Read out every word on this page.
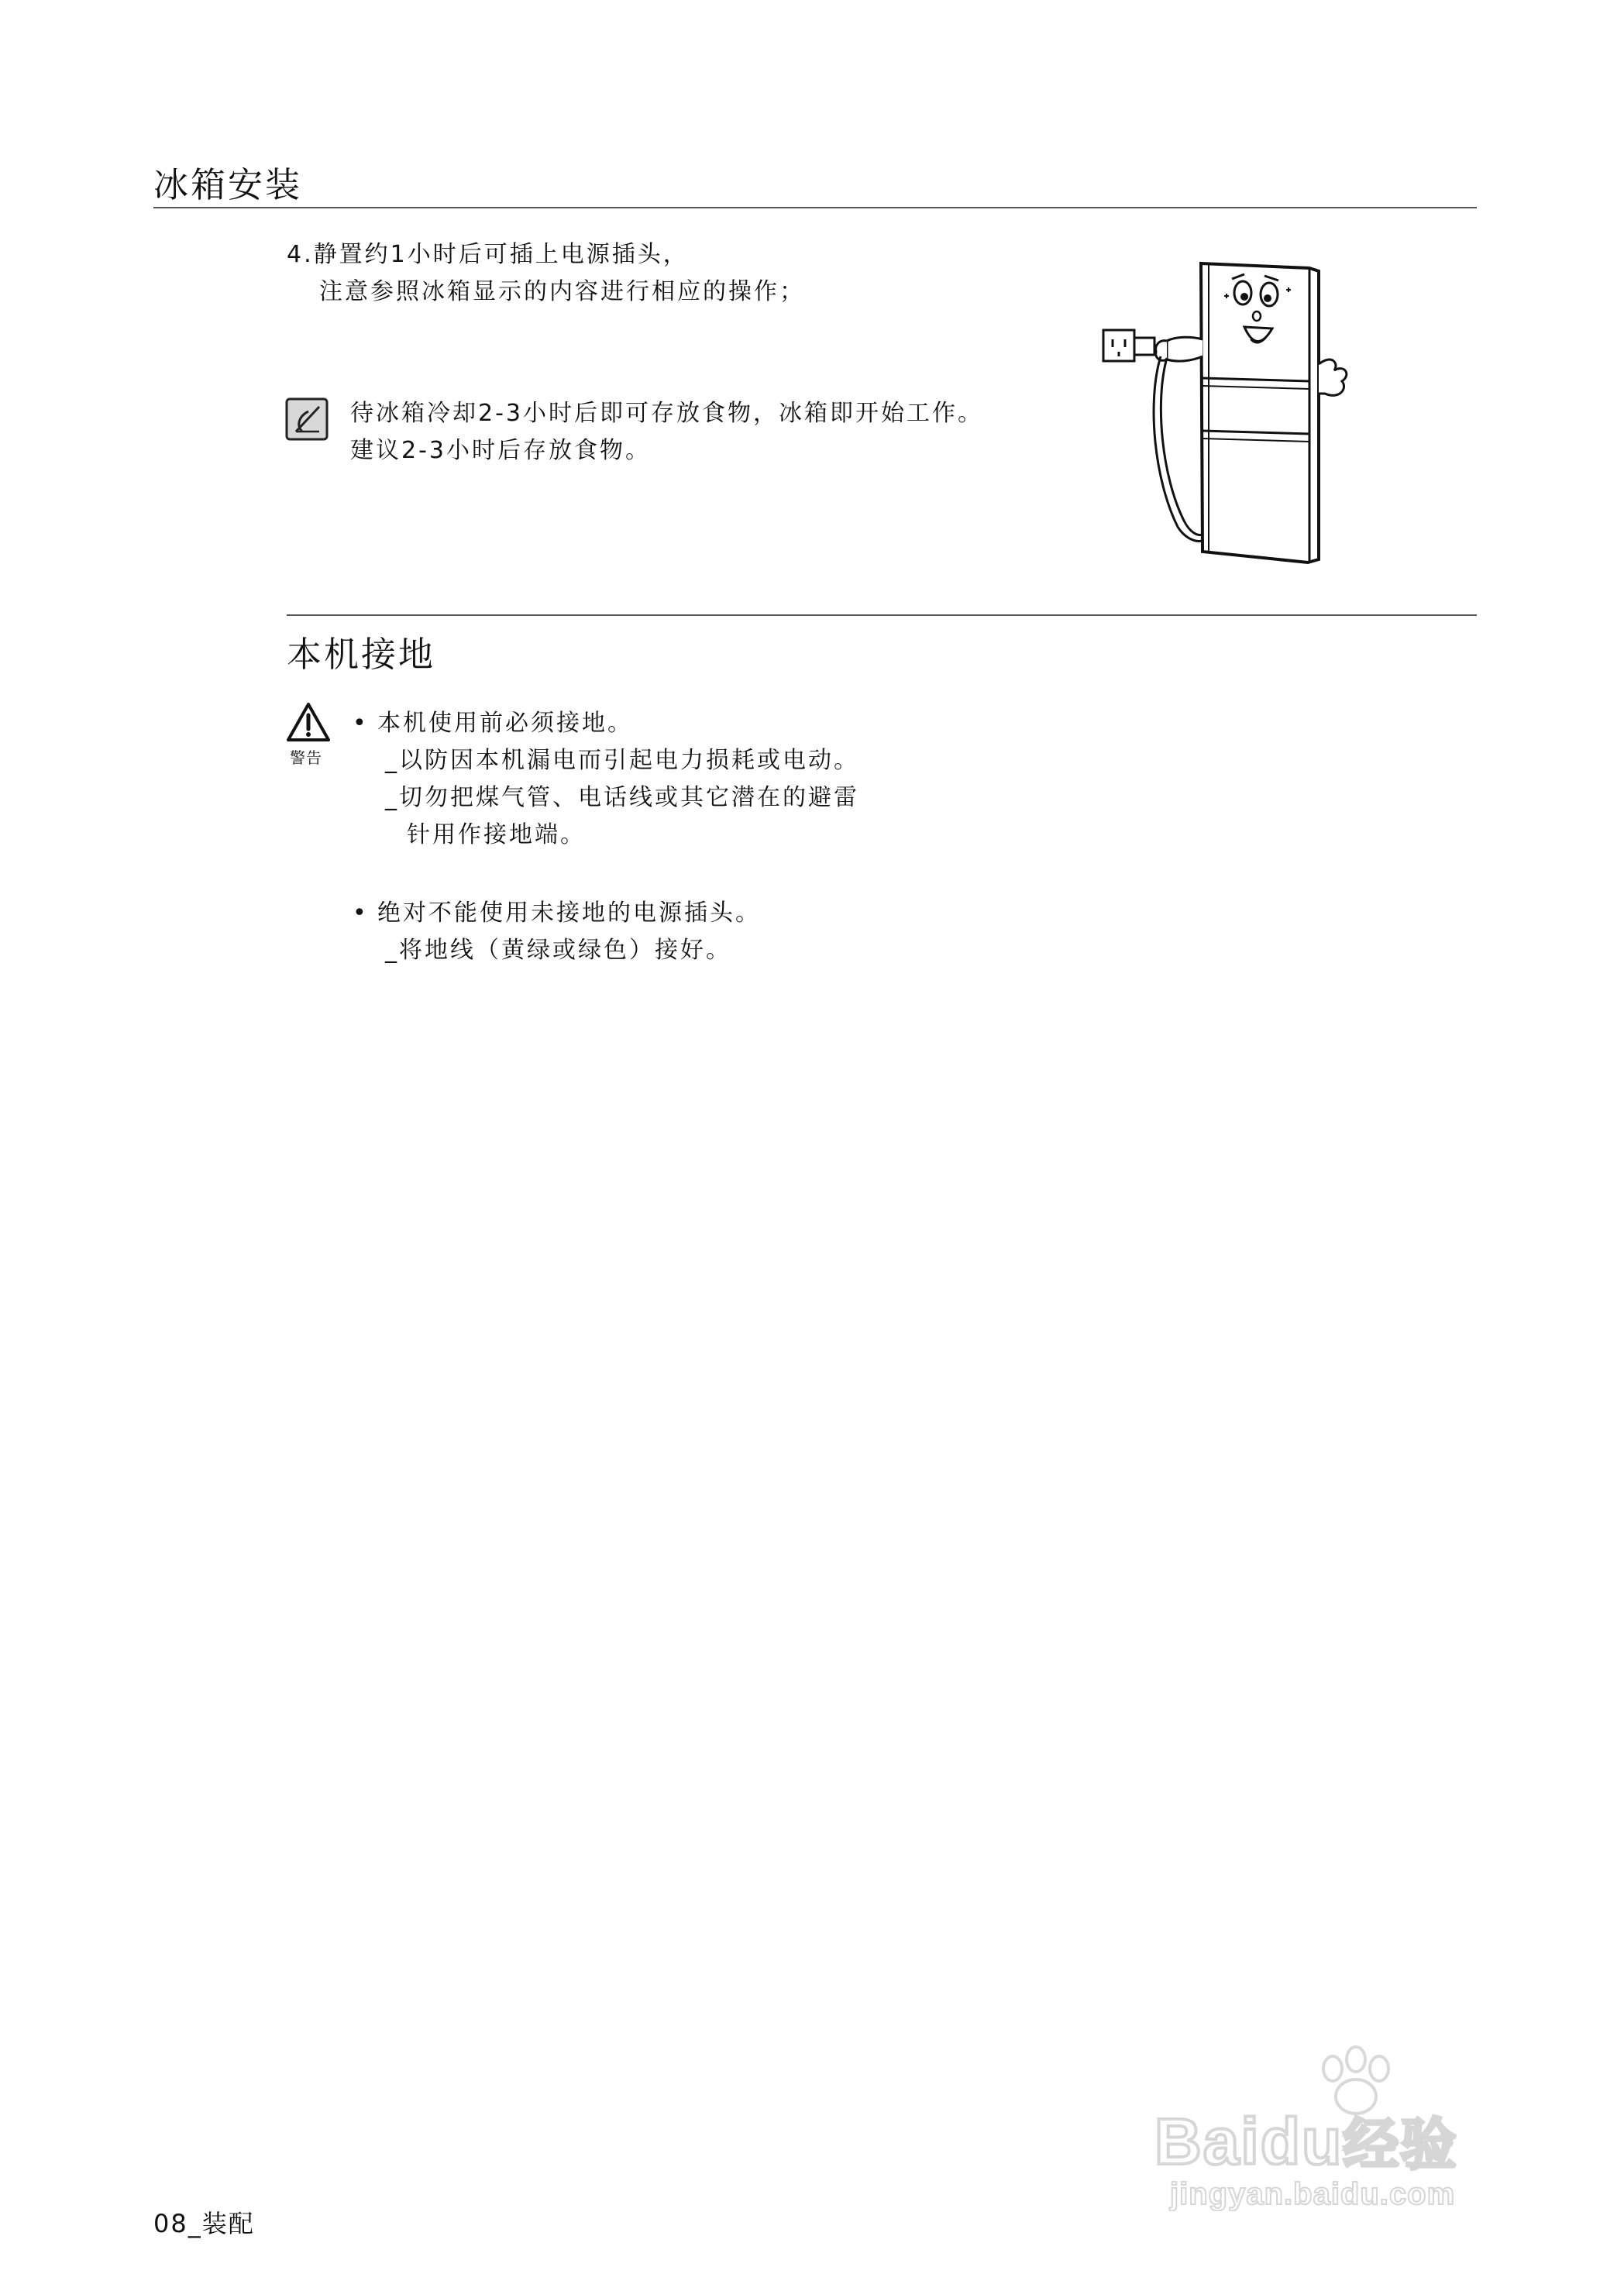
冰箱安装
4.静置约1小时后可插上电源插头，
注意参照冰箱显示的内容进行相应的操作；
待冰箱冷却2-3小时后即可存放食物，冰箱即开始工作。
建议2-3小时后存放食物。
本机接地
警告
• 本机使用前必须接地。
_以防因本机漏电而引起电力损耗或电动。
_切勿把煤气管、电话线或其它潜在的避雷
针用作接地端。
• 绝对不能使用未接地的电源插头。
_将地线（黄绿或绿色）接好。
Baidu经验
jingyan.baidu.com
08_装配
